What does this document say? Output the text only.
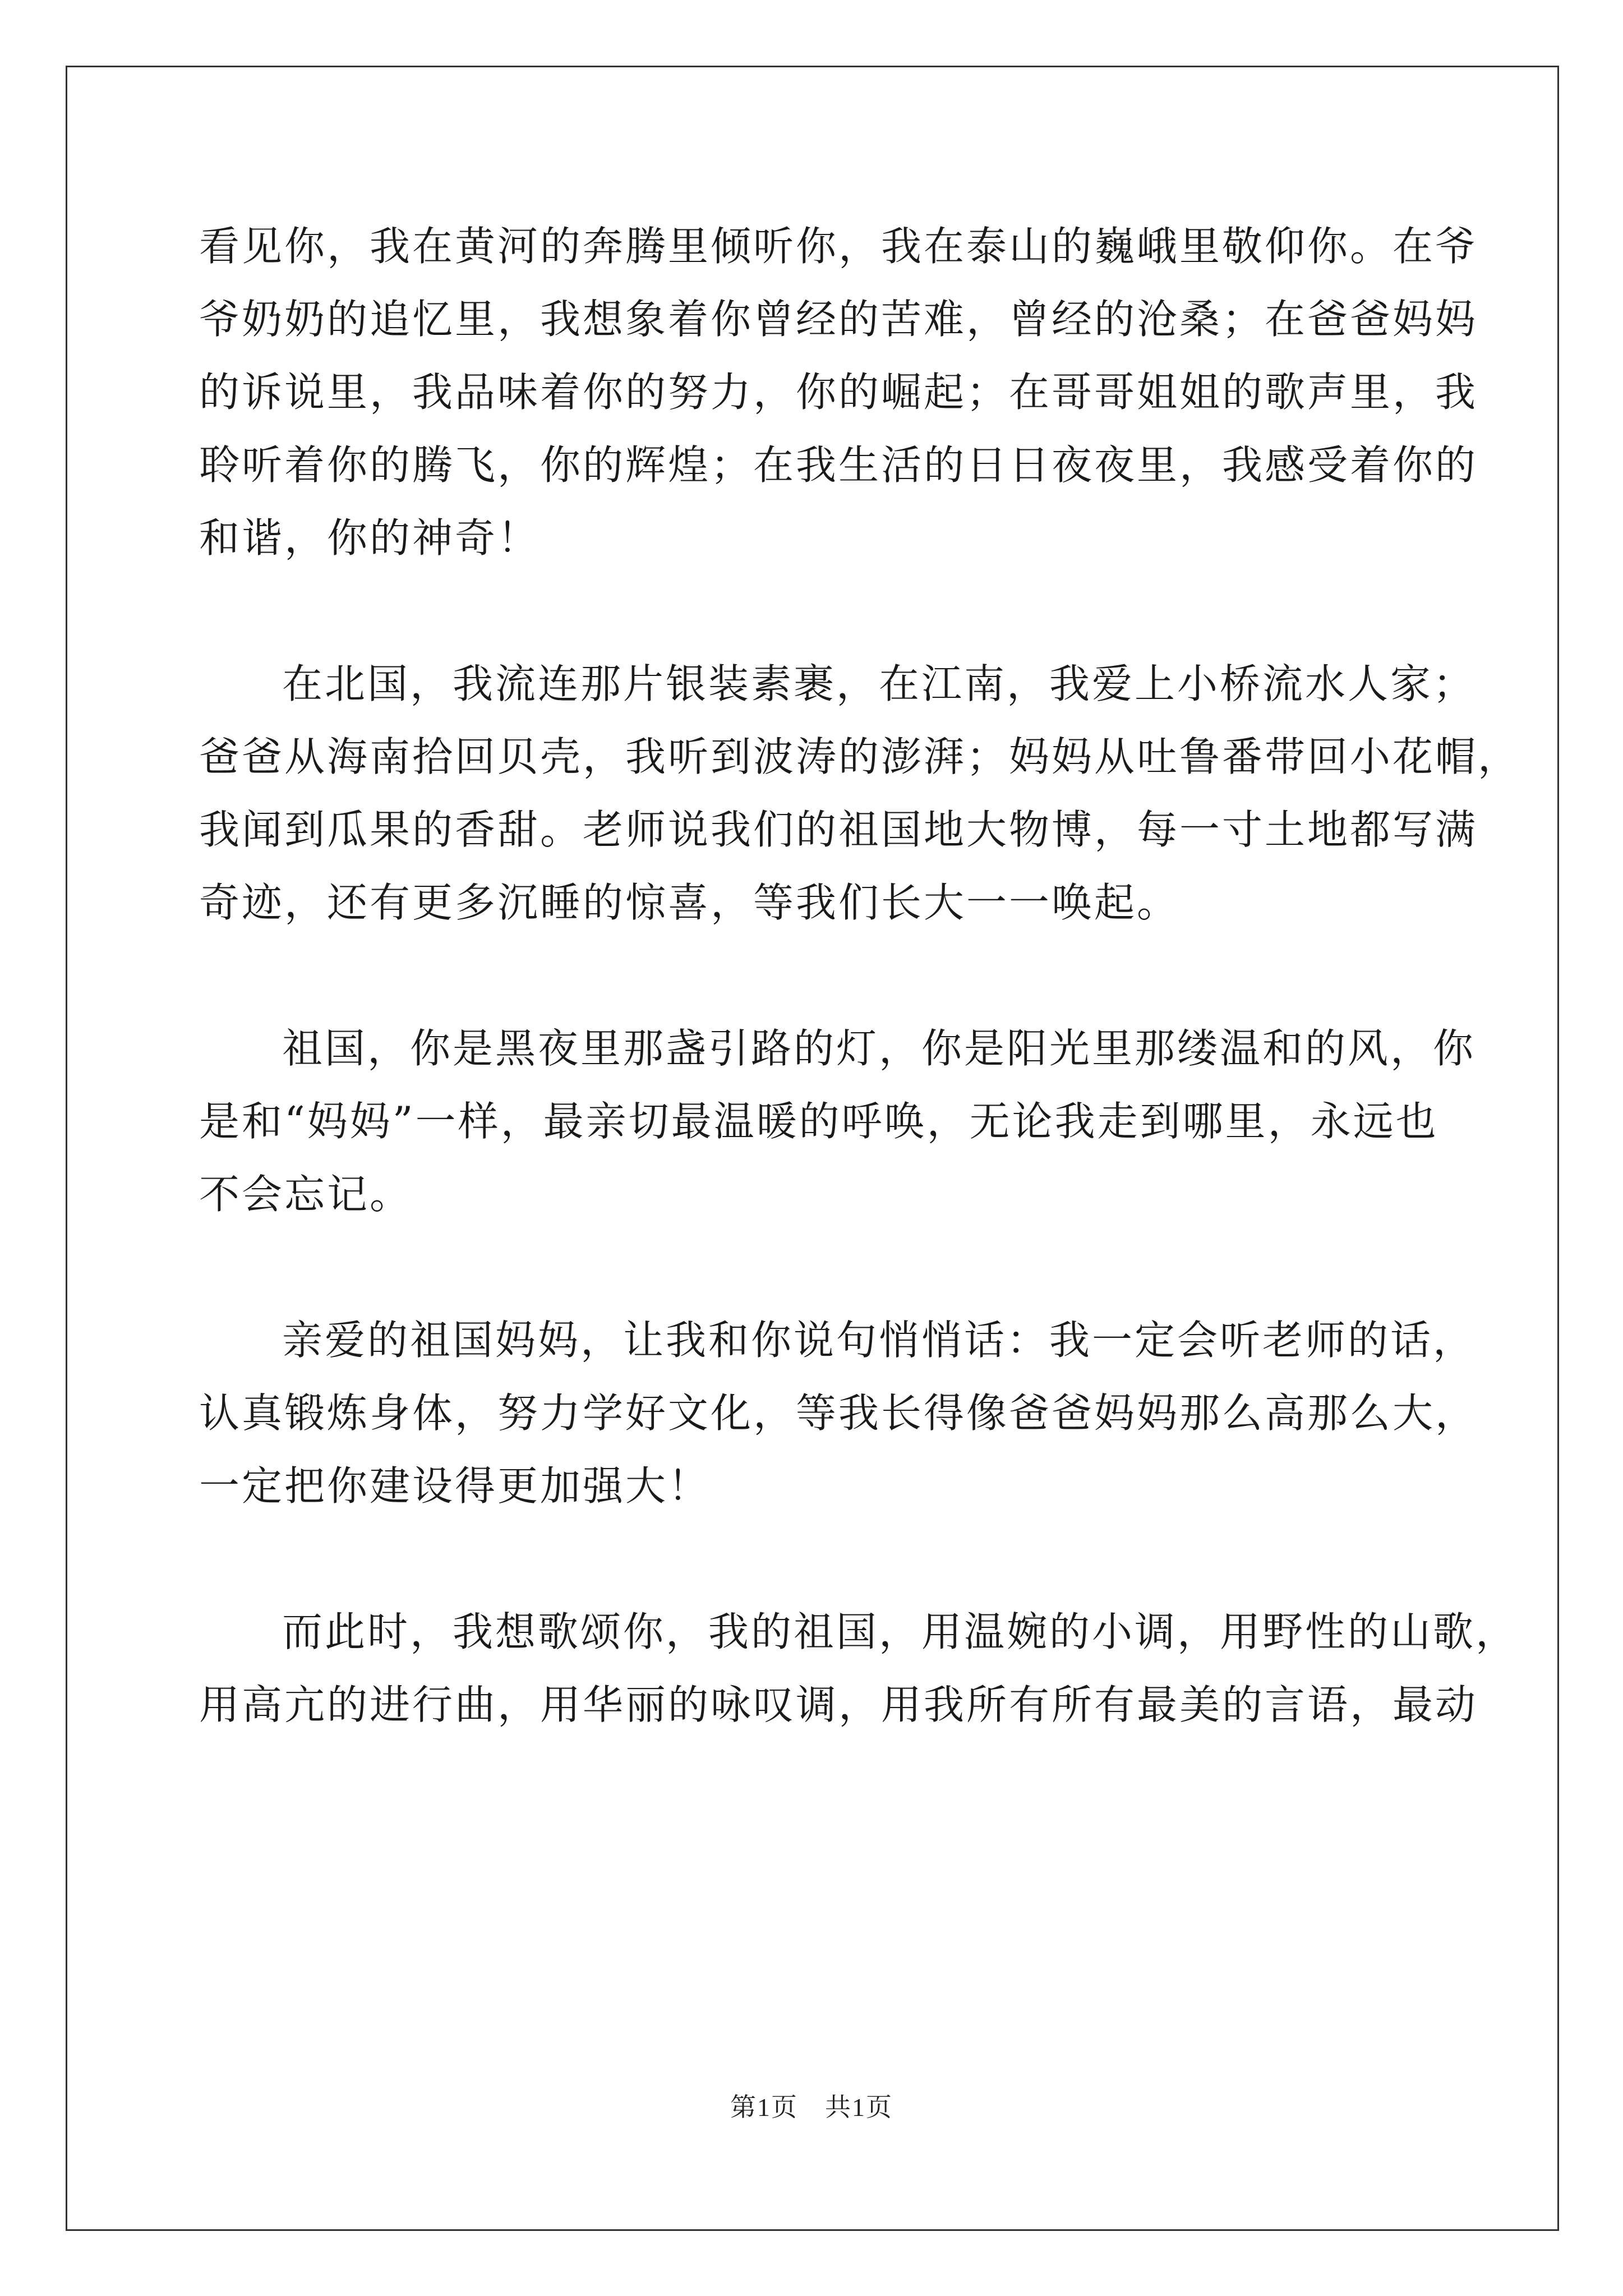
看见你，我在黄河的奔腾里倾听你，我在泰山的巍峨里敬仰你。在爷
爷奶奶的追忆里，我想象着你曾经的苦难，曾经的沧桑；在爸爸妈妈
的诉说里，我品味着你的努力，你的崛起；在哥哥姐姐的歌声里，我
聆听着你的腾飞，你的辉煌；在我生活的日日夜夜里，我感受着你的
和谐，你的神奇！
在北国，我流连那片银装素裹，在江南，我爱上小桥流水人家；
爸爸从海南拾回贝壳，我听到波涛的澎湃；妈妈从吐鲁番带回小花帽，
我闻到瓜果的香甜。老师说我们的祖国地大物博，每一寸土地都写满
奇迹，还有更多沉睡的惊喜，等我们长大一一唤起。
祖国，你是黑夜里那盏引路的灯，你是阳光里那缕温和的风，你
是和“妈妈”一样，最亲切最温暖的呼唤，无论我走到哪里，永远也
不会忘记。
亲爱的祖国妈妈，让我和你说句悄悄话：我一定会听老师的话，
认真锻炼身体，努力学好文化，等我长得像爸爸妈妈那么高那么大，
一定把你建设得更加强大！
而此时，我想歌颂你，我的祖国，用温婉的小调，用野性的山歌，
用高亢的进行曲，用华丽的咏叹调，用我所有所有最美的言语，最动
第1页 共1页
